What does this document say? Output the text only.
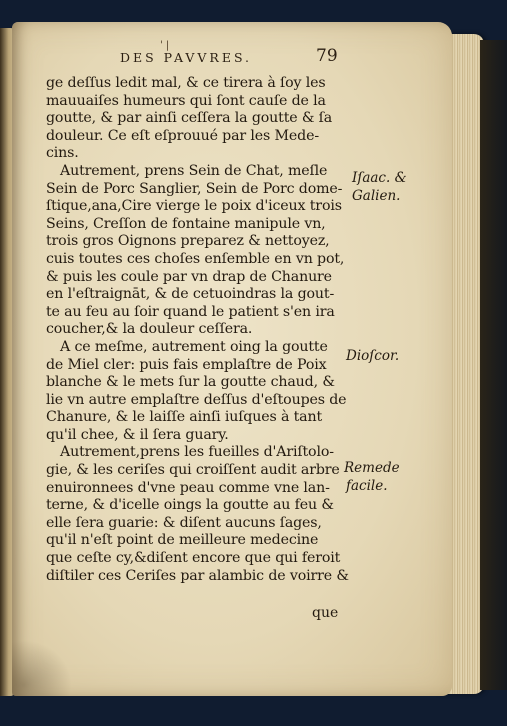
' |
DES PAVVRES.	79
ge deſſus ledit mal, & ce tirera à ſoy les
mauuaiſes humeurs qui ſont cauſe de la
goutte, & par ainſi ceſſera la goutte & ſa
douleur. Ce eſt eſprouué par les Mede-
cins.
Autrement, prens Sein de Chat, meſle
Sein de Porc Sanglier, Sein de Porc dome-
ſtique,ana,Cire vierge le poix d'iceux trois
Seins, Creſſon de fontaine manipule vn,
trois gros Oignons preparez & nettoyez,
cuis toutes ces choſes enſemble en vn pot,
& puis les coule par vn drap de Chanure
en l'eſtraignāt, & de cetuoindras la gout-
te au feu au ſoir quand le patient s'en ira
coucher,& la douleur ceſſera.
A ce meſme, autrement oing la goutte
de Miel cler: puis fais emplaſtre de Poix
blanche & le mets ſur la goutte chaud, &
lie vn autre emplaſtre deſſus d'eſtoupes de
Chanure, & le laiſſe ainſi iuſques à tant
qu'il chee, & il ſera guary.
Autrement,prens les fueilles d'Ariſtolo-
gie, & les ceriſes qui croiſſent audit arbre
enuironnees d'vne peau comme vne lan-
terne, & d'icelle oings la goutte au feu &
elle ſera guarie: & diſent aucuns ſages,
qu'il n'eſt point de meilleure medecine
que ceſte cy,&diſent encore que qui feroit
diſtiler ces Ceriſes par alambic de voirre &
Iſaac. &
Galien.
Dioſcor.
Remede
facile.
que
